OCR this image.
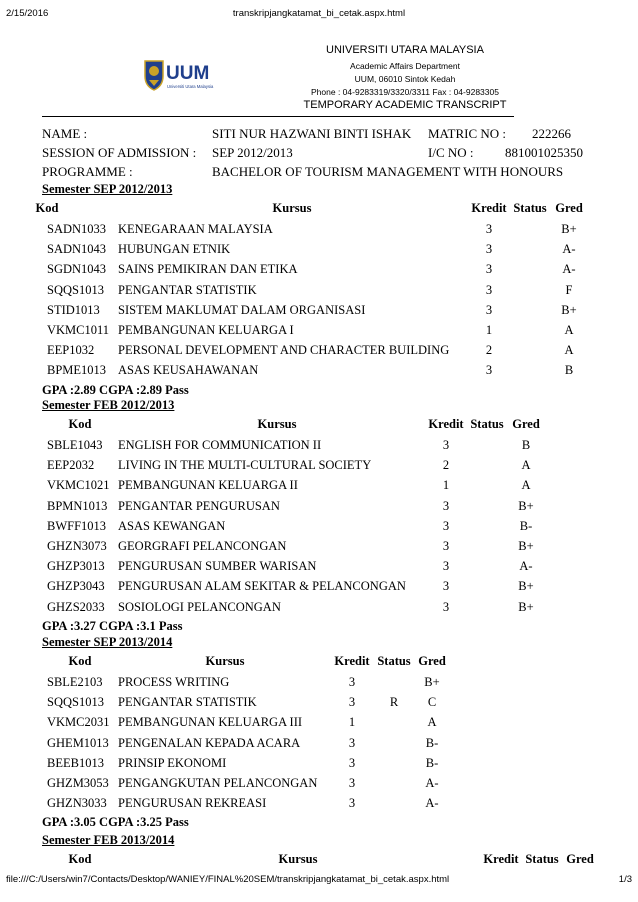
2/15/2016	transkripjangkatamat_bi_cetak.aspx.html
UUM
Universiti Utara Malaysia
UNIVERSITI UTARA MALAYSIA
Academic Affairs Department
UUM, 06010 Sintok Kedah
Phone : 04-9283319/3320/3311 Fax : 04-9283305
TEMPORARY ACADEMIC TRANSCRIPT
NAME :	SITI NUR HAZWANI BINTI ISHAK MATRIC NO : 222266
SESSION OF ADMISSION : SEP 2012/2013	I/C NO : 881001025350
PROGRAMME :	BACHELOR OF TOURISM MANAGEMENT WITH HONOURS
Semester SEP 2012/2013
Kod	Kursus	Kredit Status Gred
SADN1033 KENEGARAAN MALAYSIA	3	B+
SADN1043 HUBUNGAN ETNIK	3	A-
SGDN1043 SAINS PEMIKIRAN DAN ETIKA	3	A-
SQQS1013 PENGANTAR STATISTIK	3	F
STID1013 SISTEM MAKLUMAT DALAM ORGANISASI	3	B+
VKMC1011 PEMBANGUNAN KELUARGA I	1	A
EEP1032 PERSONAL DEVELOPMENT AND CHARACTER BUILDING	2	A
BPME1013 ASAS KEUSAHAWANAN	3	B
GPA :2.89 CGPA :2.89 Pass
Semester FEB 2012/2013
Kod	Kursus	Kredit Status Gred
SBLE1043 ENGLISH FOR COMMUNICATION II	3	B
EEP2032 LIVING IN THE MULTI-CULTURAL SOCIETY	2	A
VKMC1021 PEMBANGUNAN KELUARGA II	1	A
BPMN1013 PENGANTAR PENGURUSAN	3	B+
BWFF1013 ASAS KEWANGAN	3	B-
GHZN3073 GEORGRAFI PELANCONGAN	3	B+
GHZP3013 PENGURUSAN SUMBER WARISAN	3	A-
GHZP3043 PENGURUSAN ALAM SEKITAR & PELANCONGAN	3	B+
GHZS2033 SOSIOLOGI PELANCONGAN	3	B+
GPA :3.27 CGPA :3.1 Pass
Semester SEP 2013/2014
Kod	Kursus	Kredit Status Gred
SBLE2103 PROCESS WRITING	3	B+
SQQS1013 PENGANTAR STATISTIK	3	R C
VKMC2031 PEMBANGUNAN KELUARGA III	1	A
GHEM1013 PENGENALAN KEPADA ACARA	3	B-
BEEB1013 PRINSIP EKONOMI	3	B-
GHZM3053 PENGANGKUTAN PELANCONGAN	3	A-
GHZN3033 PENGURUSAN REKREASI	3	A-
GPA :3.05 CGPA :3.25 Pass
Semester FEB 2013/2014
Kod	Kursus	Kredit Status Gred
file:///C:/Users/win7/Contacts/Desktop/WANIEY/FINAL%20SEM/transkripjangkatamat_bi_cetak.aspx.html	1/3
